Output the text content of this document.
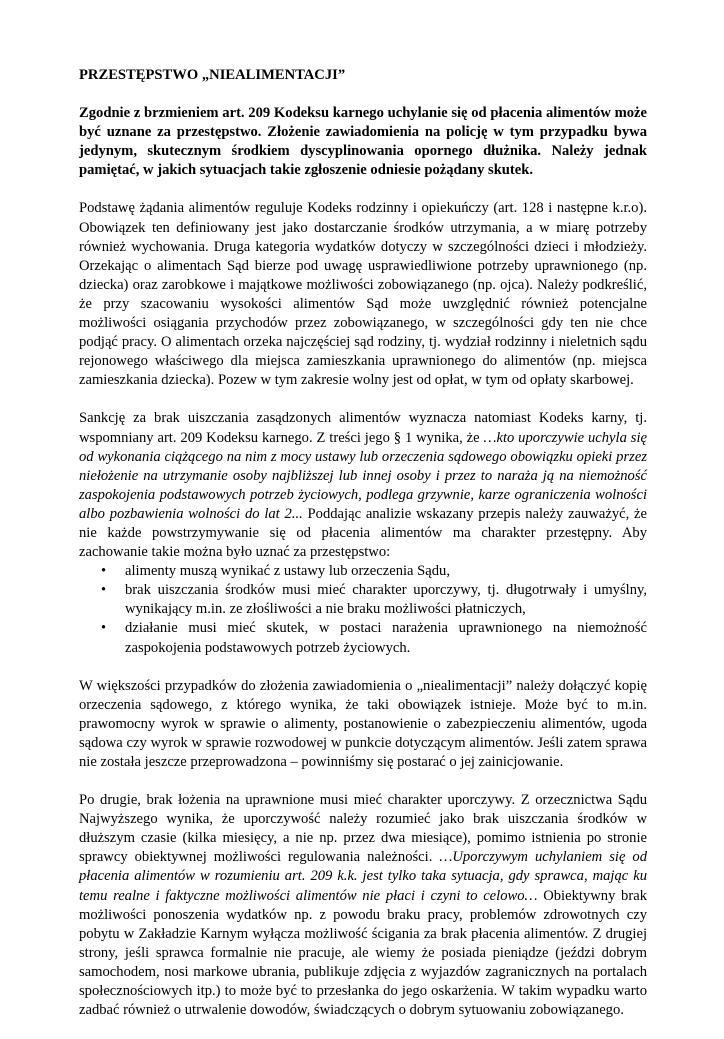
PRZESTĘPSTWO „NIEALIMENTACJI”
Zgodnie z brzmieniem art. 209 Kodeksu karnego uchylanie się od płacenia alimentów może być uznane za przestępstwo. Złożenie zawiadomienia na policję w tym przypadku bywa jedynym, skutecznym środkiem dyscyplinowania opornego dłużnika. Należy jednak pamiętać, w jakich sytuacjach takie zgłoszenie odniesie pożądany skutek.
Podstawę żądania alimentów reguluje Kodeks rodzinny i opiekuńczy (art. 128 i następne k.r.o). Obowiązek ten definiowany jest jako dostarczanie środków utrzymania, a w miarę potrzeby również wychowania. Druga kategoria wydatków dotyczy w szczególności dzieci i młodzieży. Orzekając o alimentach Sąd bierze pod uwagę usprawiedliwione potrzeby uprawnionego (np. dziecka) oraz zarobkowe i majątkowe możliwości zobowiązanego (np. ojca). Należy podkreślić, że przy szacowaniu wysokości alimentów Sąd może uwzględnić również potencjalne możliwości osiągania przychodów przez zobowiązanego, w szczególności gdy ten nie chce podjąć pracy. O alimentach orzeka najczęściej sąd rodziny, tj. wydział rodzinny i nieletnich sądu rejonowego właściwego dla miejsca zamieszkania uprawnionego do alimentów (np. miejsca zamieszkania dziecka). Pozew w tym zakresie wolny jest od opłat, w tym od opłaty skarbowej.
Sankcję za brak uiszczania zasądzonych alimentów wyznacza natomiast Kodeks karny, tj. wspomniany art. 209 Kodeksu karnego. Z treści jego § 1 wynika, że …kto uporczywie uchyla się od wykonania ciążącego na nim z mocy ustawy lub orzeczenia sądowego obowiązku opieki przez niełożenie na utrzymanie osoby najbliższej lub innej osoby i przez to naraża ją na niemożność zaspokojenia podstawowych potrzeb życiowych, podlega grzywnie, karze ograniczenia wolności albo pozbawienia wolności do lat 2... Poddając analizie wskazany przepis należy zauważyć, że nie każde powstrzymywanie się od płacenia alimentów ma charakter przestępny. Aby zachowanie takie można było uznać za przestępstwo:
• alimenty muszą wynikać z ustawy lub orzeczenia Sądu,
• brak uiszczania środków musi mieć charakter uporczywy, tj. długotrwały i umyślny, wynikający m.in. ze złośliwości a nie braku możliwości płatniczych,
• działanie musi mieć skutek, w postaci narażenia uprawnionego na niemożność zaspokojenia podstawowych potrzeb życiowych.
W większości przypadków do złożenia zawiadomienia o „niealimentacji” należy dołączyć kopię orzeczenia sądowego, z którego wynika, że taki obowiązek istnieje. Może być to m.in. prawomocny wyrok w sprawie o alimenty, postanowienie o zabezpieczeniu alimentów, ugoda sądowa czy wyrok w sprawie rozwodowej w punkcie dotyczącym alimentów. Jeśli zatem sprawa nie została jeszcze przeprowadzona – powinniśmy się postarać o jej zainicjowanie.
Po drugie, brak łożenia na uprawnione musi mieć charakter uporczywy. Z orzecznictwa Sądu Najwyższego wynika, że uporczywość należy rozumieć jako brak uiszczania środków w dłuższym czasie (kilka miesięcy, a nie np. przez dwa miesiące), pomimo istnienia po stronie sprawcy obiektywnej możliwości regulowania należności. …Uporczywym uchylaniem się od płacenia alimentów w rozumieniu art. 209 k.k. jest tylko taka sytuacja, gdy sprawca, mając ku temu realne i faktyczne możliwości alimentów nie płaci i czyni to celowo… Obiektywny brak możliwości ponoszenia wydatków np. z powodu braku pracy, problemów zdrowotnych czy pobytu w Zakładzie Karnym wyłącza możliwość ścigania za brak płacenia alimentów. Z drugiej strony, jeśli sprawca formalnie nie pracuje, ale wiemy że posiada pieniądze (jeździ dobrym samochodem, nosi markowe ubrania, publikuje zdjęcia z wyjazdów zagranicznych na portalach społecznościowych itp.) to może być to przesłanka do jego oskarżenia. W takim wypadku warto zadbać również o utrwalenie dowodów, świadczących o dobrym sytuowaniu zobowiązanego.
